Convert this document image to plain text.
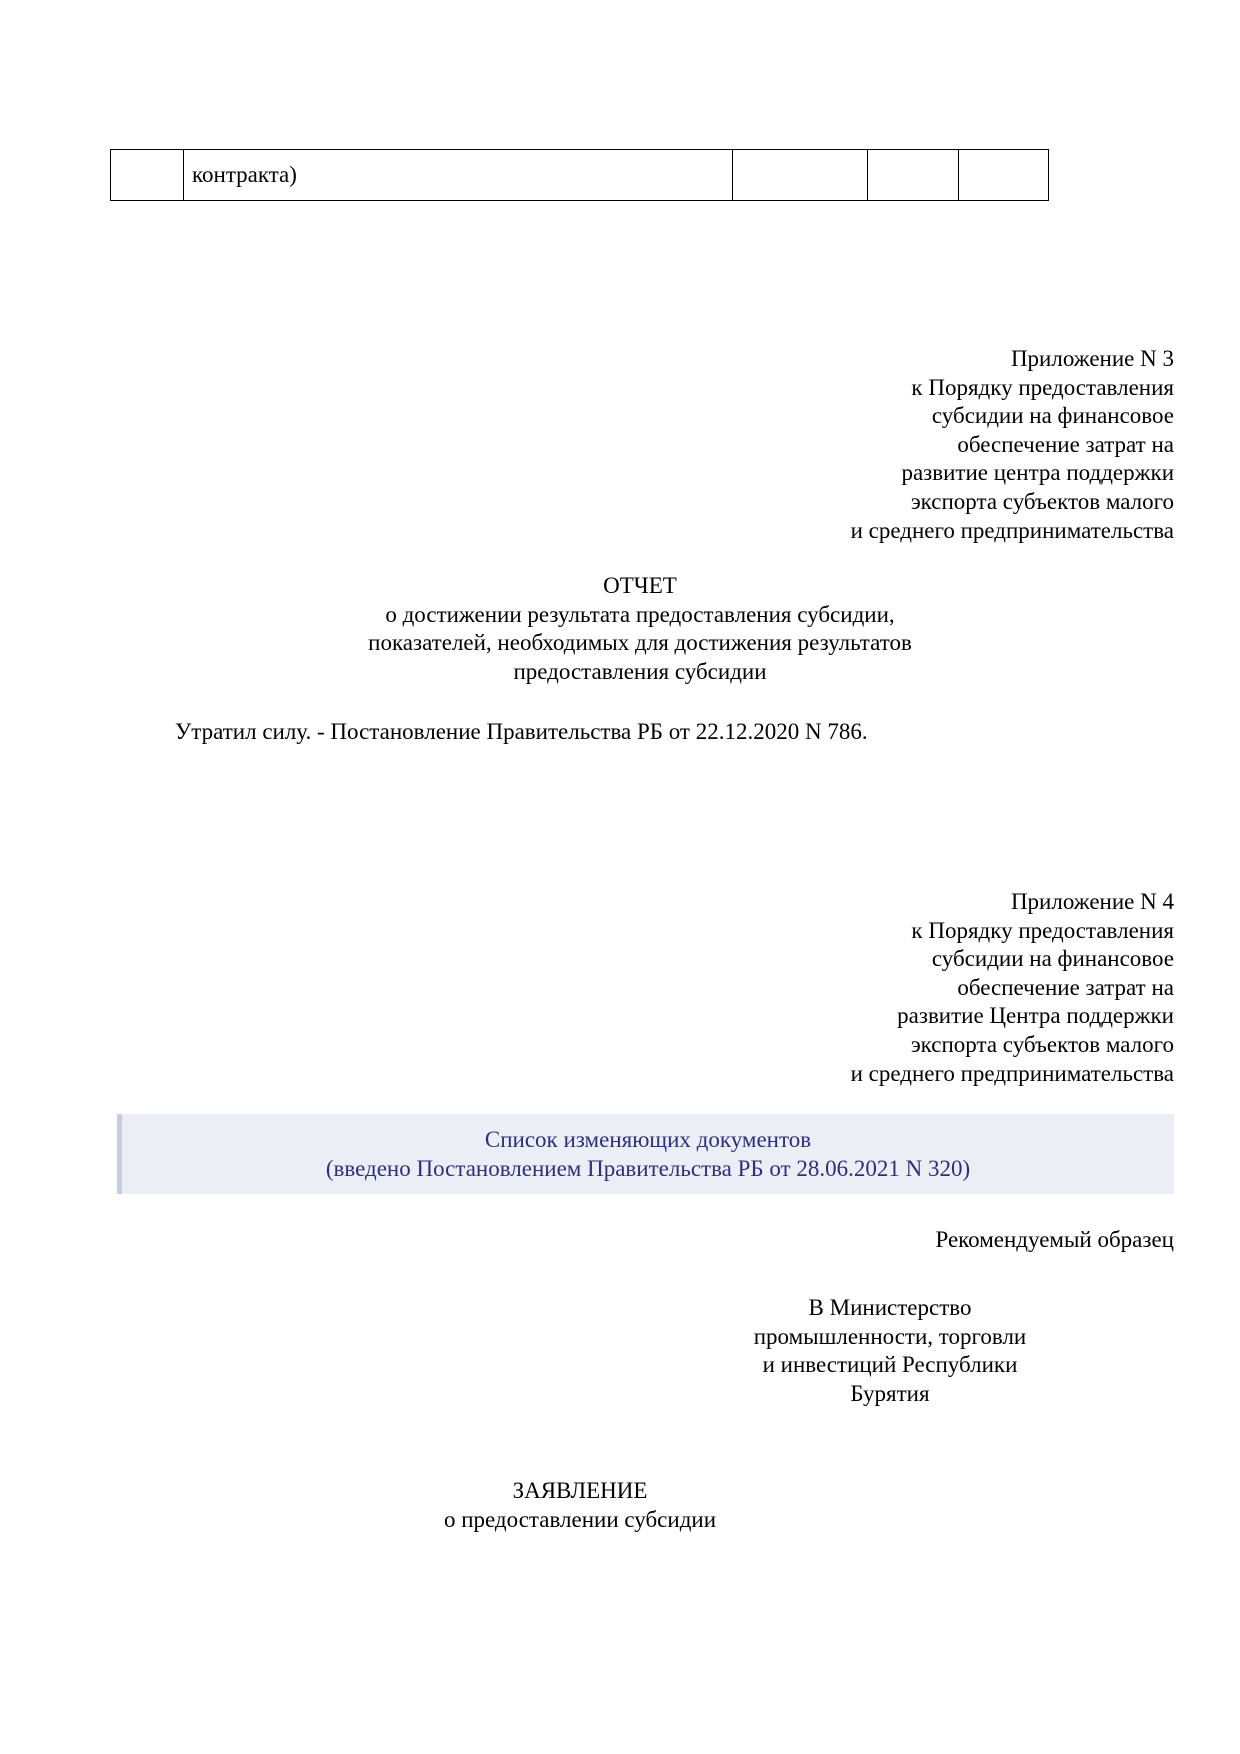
	контракта)			
Приложение N 3
к Порядку предоставления
субсидии на финансовое
обеспечение затрат на
развитие центра поддержки
экспорта субъектов малого
и среднего предпринимательства
ОТЧЕТ
о достижении результата предоставления субсидии,
показателей, необходимых для достижения результатов
предоставления субсидии
Утратил силу. - Постановление Правительства РБ от 22.12.2020 N 786.
Приложение N 4
к Порядку предоставления
субсидии на финансовое
обеспечение затрат на
развитие Центра поддержки
экспорта субъектов малого
и среднего предпринимательства
Список изменяющих документов
(введено Постановлением Правительства РБ от 28.06.2021 N 320)
Рекомендуемый образец
В Министерство
промышленности, торговли
и инвестиций Республики
Бурятия
ЗАЯВЛЕНИЕ
о предоставлении субсидии
